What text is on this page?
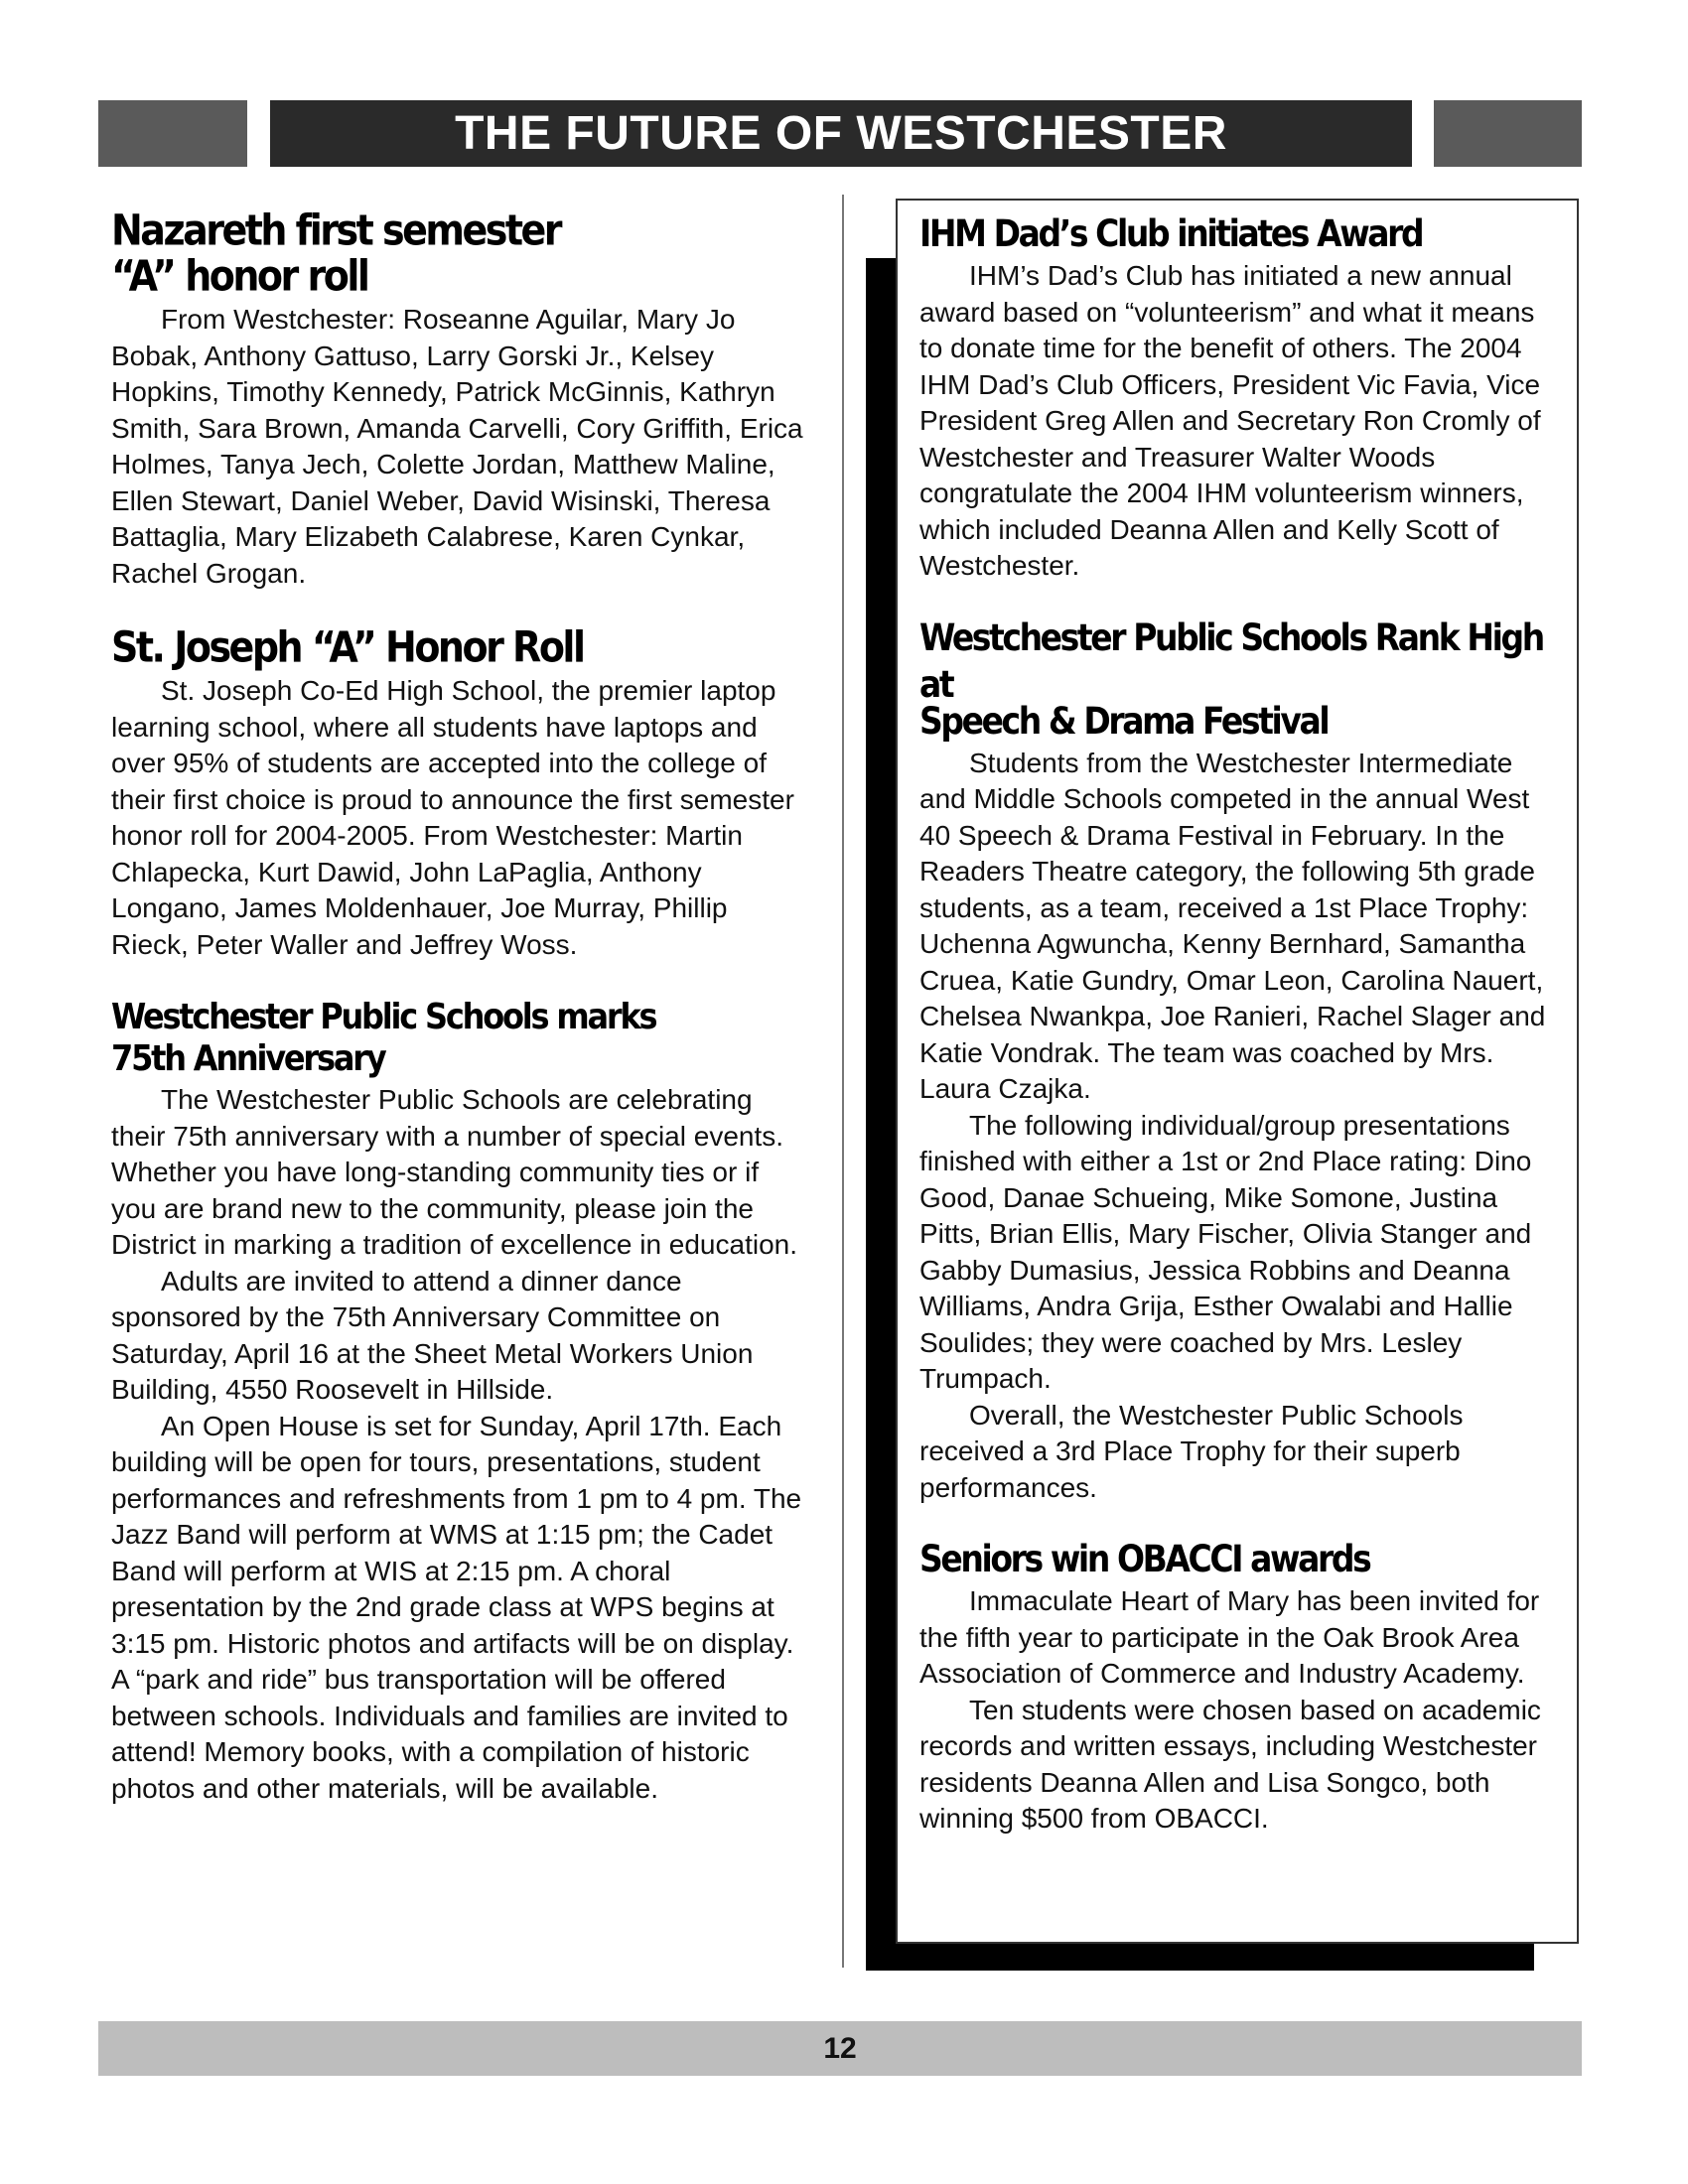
THE FUTURE OF WESTCHESTER
Nazareth first semester
“A” honor roll

From Westchester: Roseanne Aguilar, Mary Jo Bobak, Anthony Gattuso, Larry Gorski Jr., Kelsey Hopkins, Timothy Kennedy, Patrick McGinnis, Kathryn Smith, Sara Brown, Amanda Carvelli, Cory Griffith, Erica Holmes, Tanya Jech, Colette Jordan, Matthew Maline, Ellen Stewart, Daniel Weber, David Wisinski, Theresa Battaglia, Mary Elizabeth Calabrese, Karen Cynkar, Rachel Grogan.

St. Joseph “A” Honor Roll

St. Joseph Co-Ed High School, the premier laptop learning school, where all students have laptops and over 95% of students are accepted into the college of their first choice is proud to announce the first semester honor roll for 2004-2005. From Westchester: Martin Chlapecka, Kurt Dawid, John LaPaglia, Anthony Longano, James Moldenhauer, Joe Murray, Phillip Rieck, Peter Waller and Jeffrey Woss.

Westchester Public Schools marks
75th Anniversary

The Westchester Public Schools are celebrating their 75th anniversary with a number of special events. Whether you have long-standing community ties or if you are brand new to the community, please join the District in marking a tradition of excellence in education.

Adults are invited to attend a dinner dance sponsored by the 75th Anniversary Committee on Saturday, April 16 at the Sheet Metal Workers Union Building, 4550 Roosevelt in Hillside.

An Open House is set for Sunday, April 17th. Each building will be open for tours, presentations, student performances and refreshments from 1 pm to 4 pm. The Jazz Band will perform at WMS at 1:15 pm; the Cadet Band will perform at WIS at 2:15 pm. A choral presentation by the 2nd grade class at WPS begins at 3:15 pm. Historic photos and artifacts will be on display. A “park and ride” bus transportation will be offered between schools. Individuals and families are invited to attend! Memory books, with a compilation of historic photos and other materials, will be available.

IHM Dad’s Club initiates Award

IHM’s Dad’s Club has initiated a new annual award based on “volunteerism” and what it means to donate time for the benefit of others. The 2004 IHM Dad’s Club Officers, President Vic Favia, Vice President Greg Allen and Secretary Ron Cromly of Westchester and Treasurer Walter Woods congratulate the 2004 IHM volunteerism winners, which included Deanna Allen and Kelly Scott of Westchester.

Westchester Public Schools Rank High at
Speech & Drama Festival

Students from the Westchester Intermediate and Middle Schools competed in the annual West 40 Speech & Drama Festival in February. In the Readers Theatre category, the following 5th grade students, as a team, received a 1st Place Trophy: Uchenna Agwuncha, Kenny Bernhard, Samantha Cruea, Katie Gundry, Omar Leon, Carolina Nauert, Chelsea Nwankpa, Joe Ranieri, Rachel Slager and Katie Vondrak. The team was coached by Mrs. Laura Czajka.

The following individual/group presentations finished with either a 1st or 2nd Place rating: Dino Good, Danae Schueing, Mike Somone, Justina Pitts, Brian Ellis, Mary Fischer, Olivia Stanger and Gabby Dumasius, Jessica Robbins and Deanna Williams, Andra Grija, Esther Owalabi and Hallie Soulides; they were coached by Mrs. Lesley Trumpach.

Overall, the Westchester Public Schools received a 3rd Place Trophy for their superb performances.

Seniors win OBACCI awards

Immaculate Heart of Mary has been invited for the fifth year to participate in the Oak Brook Area Association of Commerce and Industry Academy.

Ten students were chosen based on academic records and written essays, including Westchester residents Deanna Allen and Lisa Songco, both winning $500 from OBACCI.

12
